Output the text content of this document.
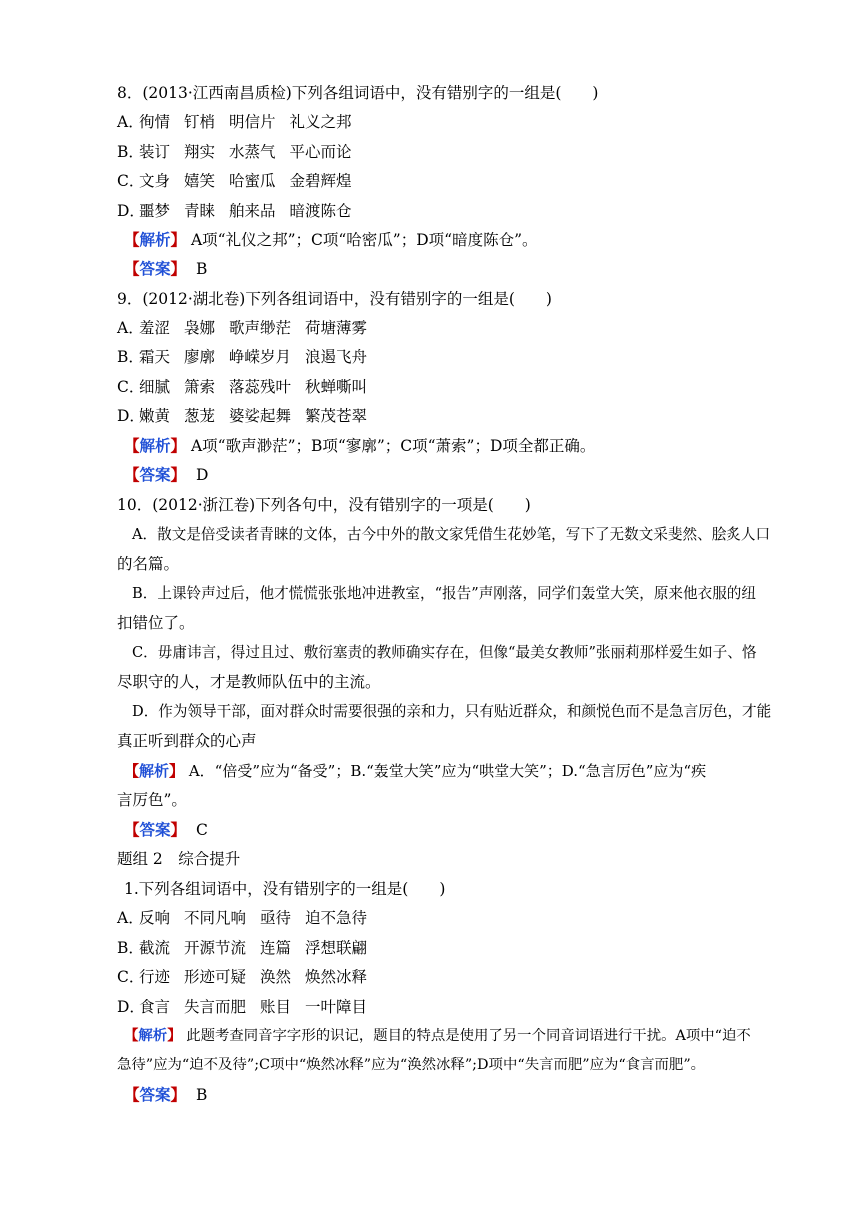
8．(2013·江西南昌质检)下列各组词语中，没有错别字的一组是(　　)
A．徇情 钉梢 明信片 礼义之邦
B．装订 翔实 水蒸气 平心而论
C．文身 嬉笑 哈蜜瓜 金碧辉煌
D．噩梦 青睐 舶来品 暗渡陈仓
【解析】 A项“礼仪之邦”；C项“哈密瓜”；D项“暗度陈仓”。
【答案】 B
9．(2012·湖北卷)下列各组词语中，没有错别字的一组是(　　)
A．羞涩 袅娜 歌声缈茫 荷塘薄雾
B．霜天 廖廓 峥嵘岁月 浪遏飞舟
C．细腻 箫索 落蕊残叶 秋蝉嘶叫
D．嫩黄 葱茏 婆娑起舞 繁茂苍翠
【解析】 A项“歌声渺茫”；B项“寥廓”；C项“萧索”；D项全都正确。
【答案】 D
10．(2012·浙江卷)下列各句中，没有错别字的一项是(　　)
A．散文是倍受读者青睐的文体，古今中外的散文家凭借生花妙笔，写下了无数文采斐然、脍炙人口
的名篇。
B．上课铃声过后，他才慌慌张张地冲进教室，“报告”声刚落，同学们轰堂大笑，原来他衣服的纽
扣错位了。
C．毋庸讳言，得过且过、敷衍塞责的教师确实存在，但像“最美女教师”张丽莉那样爱生如子、恪
尽职守的人，才是教师队伍中的主流。
D．作为领导干部，面对群众时需要很强的亲和力，只有贴近群众，和颜悦色而不是急言厉色，才能
真正听到群众的心声
【解析】 A．“倍受”应为“备受”；B.“轰堂大笑”应为“哄堂大笑”；D.“急言厉色”应为“疾
言厉色”。
【答案】 C
题组 2　综合提升
1.下列各组词语中，没有错别字的一组是(　　)
A．反响 不同凡响 亟待 迫不急待
B．截流 开源节流 连篇 浮想联翩
C．行迹 形迹可疑 涣然 焕然冰释
D．食言 失言而肥 账目 一叶障目
【解析】 此题考查同音字字形的识记，题目的特点是使用了另一个同音词语进行干扰。A项中“迫不
急待”应为“迫不及待”;C项中“焕然冰释”应为“涣然冰释”;D项中“失言而肥”应为“食言而肥”。
【答案】 B
